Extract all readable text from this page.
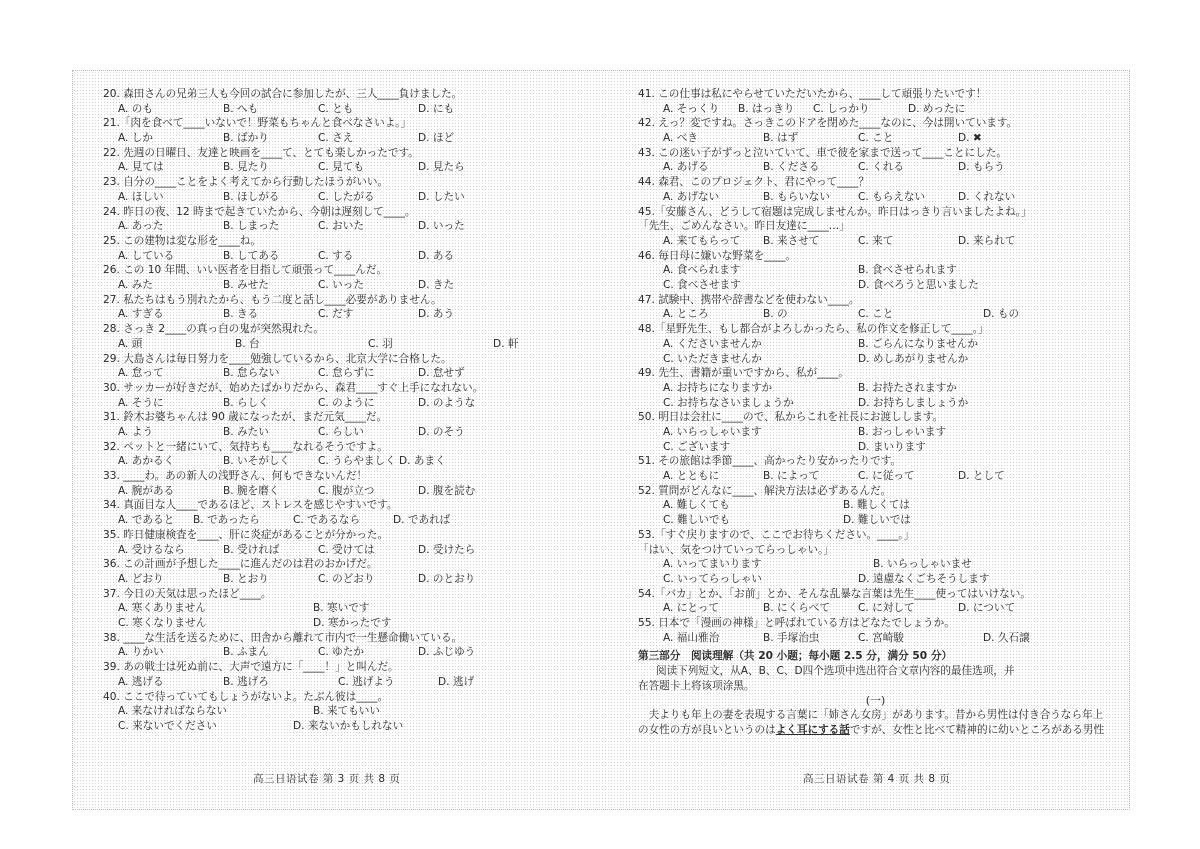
20. 森田さんの兄弟三人も今回の試合に参加したが、三人____負けました。
A. のも	B. へも	C. とも	D. にも
21.「肉を食べて____いないで！野菜もちゃんと食べなさいよ。」
A. しか	B. ばかり	C. さえ	D. ほど
22. 先週の日曜日、友達と映画を____て、とても楽しかったです。
A. 見ては	B. 見たり	C. 見ても	D. 見たら
23. 自分の____ことをよく考えてから行動したほうがいい。
A. ほしい	B. ほしがる	C. したがる	D. したい
24. 昨日の夜、12 時まで起きていたから、今朝は遅刻して____。
A. あった	B. しまった	C. おいた	D. いった
25. この建物は変な形を____ね。
A. している	B. してある	C. する	D. ある
26. この 10 年間、いい医者を目指して頑張って____んだ。
A. みた	B. みせた	C. いった	D. きた
27. 私たちはもう別れたから、もう二度と話し____必要がありません。
A. すぎる	B. きる	C. だす	D. あう
28. さっき 2____の真っ白の鬼が突然現れた。
A. 頭	B. 台	C. 羽	D. 軒
29. 大島さんは毎日努力を____勉強しているから、北京大学に合格した。
A. 怠って	B. 怠らない	C. 怠らずに	D. 怠せず
30. サッカーが好きだが、始めたばかりだから、森君____すぐ上手になれない。
A. そうに	B. らしく	C. のように	D. のような
31. 鈴木お婆ちゃんは 90 歳になったが、まだ元気____だ。
A. よう	B. みたい	C. らしい	D. のそう
32. ペットと一緒にいて、気持ちも____なれるそうですよ。
A. あかるく	B. いそがしく	C. うらやましく D. あまく
33. ____わ。あの新人の浅野さん、何もできないんだ！
A. 腕がある	B. 腕を磨く	C. 腹が立つ	D. 腹を読む
34. 真面目な人____であるほど、ストレスを感じやすいです。
A. であると B. であったら	C. であるなら	D. であれば
35. 昨日健康検査を____、肝に炎症があることが分かった。
A. 受けるなら	B. 受ければ	C. 受けては	D. 受けたら
36. この計画が予想した____に進んだのは君のおかげだ。
A. どおり	B. とおり	C. のどおり	D. のとおり
37. 今日の天気は思ったほど____。
A. 寒くありません	B. 寒いです
C. 寒くなりません	D. 寒かったです
38. ____な生活を送るために、田舎から離れて市内で一生懸命働いている。
A. りかい	B. ふまん	C. ゆたか	D. ふじゆう
39. あの戦士は死ぬ前に、大声で遠方に「____！」と叫んだ。
A. 逃げる	B. 逃げろ	C. 逃げよう	D. 逃げ
40. ここで待っていてもしょうがないよ。たぶん彼は____。
A. 来なければならない	B. 来てもいい
C. 来ないでください	D. 来ないかもしれない
高三日语试卷 第 3 页 共 8 页
41. この仕事は私にやらせていただいたから、____して頑張りたいです！
A. そっくり B. はっきり C. しっかり	D. めったに
42. えっ？変ですね。さっきこのドアを閉めた____なのに、今は開いています。
A. べき	B. はず	C. こと	D. ✖
43. この迷い子がずっと泣いていて、車で彼を家まで送って____ことにした。
A. あげる	B. くださる	C. くれる	D. もらう
44. 森君、このプロジェクト、君にやって____？
A. あげない	B. もらいない	C. もらえない	D. くれない
45.「安藤さん、どうして宿題は完成しませんか。昨日はっきり言いましたよね。」
「先生、ごめんなさい。昨日友達に____…」
A. 来てもらって B. 来させて	C. 来て	D. 来られて
46. 毎日母に嫌いな野菜を____。
A. 食べられます	B. 食べさせられます
C. 食べさせます	D. 食べろうと思いました
47. 試験中、携帯や辞書などを使わない____。
A. ところ	B. の	C. こと	D. もの
48.「星野先生、もし都合がよろしかったら、私の作文を修正して____。」
A. くださいませんか	B. ごらんになりませんか
C. いただきませんか	D. めしあがりませんか
49. 先生、書籍が重いですから、私が____。
A. お持ちになりますか	B. お持たされますか
C. お持ちなさいましょうか	D. お持ちしましょうか
50. 明日は会社に____ので、私からこれを社長にお渡しします。
A. いらっしゃいます	B. おっしゃいます
C. ございます	D. まいります
51. その旅館は季節____、高かったり安かったりです。
A. とともに	B. によって	C. に従って	D. として
52. 質問がどんなに____、解決方法は必ずあるんだ。
A. 難しくても	B. 難しくては
C. 難しいでも	D. 難しいでは
53.「すぐ戻りますので、ここでお待ちください。____。」
「はい、気をつけていってらっしゃい。」
A. いってまいります	B. いらっしゃいませ
C. いってらっしゃい	D. 遠慮なくごちそうします
54.「バカ」とか、「お前」とか、そんな乱暴な言葉は先生____使ってはいけない。
A. にとって	B. にくらべて	C. に対して	D. について
55. 日本で「漫画の神様」と呼ばれている方はどなたでしょうか。
A. 福山雅治	B. 手塚治虫	C. 宮崎駿	D. 久石譲
第三部分　阅读理解（共 20 小题；每小题 2.5 分，满分 50 分）
阅读下列短文，从A、B、C、D四个选项中选出符合文章内容的最佳选项，并
在答题卡上将该项涂黑。
(一)
　夫よりも年上の妻を表現する言葉に「姉さん女房」があります。昔から男性は付き合うなら年上
の女性の方が良いというのはよく耳にする話ですが、女性と比べて精神的に幼いところがある男性
高三日语试卷 第 4 页 共 8 页
